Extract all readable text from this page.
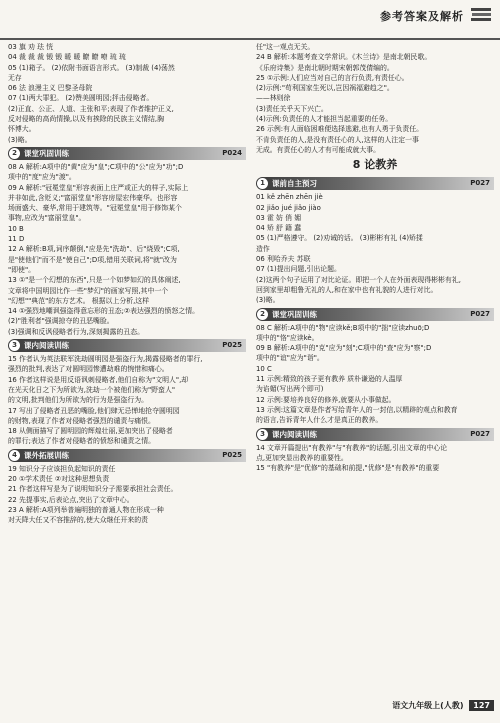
参考答案及解析
03 旗 劝 珐 恍
04 裁 裁 裁 锻 锻 暖 暖 瞭 瞭 嘹 琉 琉
05 (1)箱子。 (2)依附书面语言形式。 (3)制裁 (4)荡然
无存
06 法 浪漫主义 巴黎圣母院
07 (1)两大罪犯。 (2)赞美圆明园;抨击侵略者。
(2)正直、公正、人道、主张和平;表现了作者维护正义,
反对侵略的高尚情操,以及有挨除的民族主义情结,胸
怀博大。
(3)略。
2 课堂巩固训练	P024
08 A 解析:A项中的"黄"应为"皇";C项中的"公"应为"功";D
项中的"度"应为"渡"。
09 A 解析:"冠冕堂皇"形容表面上庄严或正大的样子,实际上
并非如此,含贬义;"富丽堂皇"形容房屋宏伟豪华。也形容
场面盛大、豪华,常用于建筑等。"冠冕堂皇"用于修饰某个
事物,应改为"富丽堂皇"。
10 B
11 D
12 A 解析:B项,词序颠倒,"应是先"洗劫"、后"烧毁";C项,
是"使他们"而不是"使自己";D项,错用关联词,将"就"改为
"即使"。
13 ①"是一个幻想的东西",只是一个如梦如幻的具体阐述,
文章将中国明园比作一些"梦幻"的画家写照,其中一个
"幻想""典范"的东方艺术。 根据以上分析,这样
14 ①强烈地嘲讽强盗得意忘形的丑态;②表达强烈的愤怒之情。
(2)"胜利者"强调掠夺的丑恶嘴脸。
(3)强调和反讽侵略者行为,深刻揭露的丑态。
3 课内阅读训练	P025
15 作者认为英法联军洗劫圆明园是强盗行为,揭露侵略者的罪行,
强烈的批判,表达了对圆明园惨遭劫难的惋惜和痛心。
16 作者这样说是用反语讽刺侵略者,他们自称为"文明人",却
在光天化日之下为所欲为,洗劫一个被他们称为"野蛮人"
的文明,批判他们为所欲为的行为是强盗行为。
17 写出了侵略者丑恶的嘴脸,他们肆无忌惮地抢夺圆明园
的财物,表现了作者对侵略者强烈的谴责与痛恨。
18 从侧面描写了圆明园的辉煌壮丽,更加突出了侵略者
的罪行;表达了作者对侵略者的愤怒和谴责之情。
4 课外拓展训练	P025
19 知识分子应该担负起知识的责任
20 ①学术责任 ②对这种思想负责
21 作者这样写是为了说明知识分子需要承担社会责任。
22 先提事实,后表论点,突出了文章中心。
23 A 解析:A项列举普遍明独的普通人物在形成一种
对天降大任又不容推辞的,使大众继任开来的责
任"这一观点无关。
24 B 解析:本题考查文学常识。《木兰诗》是南北朝民歌。
《乐府诗集》是南北朝时期宋朝郭茂倩编的。
25 ①示例:人们应当对自己的言行负责,有责任心。
(2)示例:"苟利国家生死以,岂因祸福避趋之"。
——林则徐
(3)责任关乎天下兴亡。
(4)示例:负责任的人才能担当起重要的任务。
26 示例:有人面临困难便选择逃避,也有人勇于负责任。
不肯负责任的人,是没有责任心的人,这样的人注定一事
无成。有责任心的人才有可能成就大事。
8 论教养
1 课前自主预习	P027
01 kě zhēn zhēn jiè
02 jiǎo jué jiǎo jiào
03 霍 妨 俏 媚
04 矫 舒 籍 蠢
05 (1)严格遵守。 (2)劝诫的话。 (3)彬彬有礼 (4)矫揉
造作
06 利哈乔夫 苏联
07 (1)提出问题,引出论题。
(2)这两个句子运用了对比论证。即把一个人在外面表现得彬彬有礼,
回到家里却粗鲁无礼的人,和在家中也有礼貌的人进行对比。
(3)略。
2 课堂巩固训练	P027
08 C 解析:A项中的"物"应读kě;B项中的"拙"应读zhuō;D
项中的"恪"应读kè。
09 B 解析:A项中的"克"应为"刻";C项中的"查"应为"察";D
项中的"谊"应为"诣"。
10 C
11 示例:精致的孩子更有教养 质朴谦逊的人温厚
为谄媚(写出两个即可)
12 示例:要培养良好的修养,就要从小事做起。
13 示例:这篇文章是作者写给青年人的一封信,以精辟的观点和教育
的语言,告诉青年人什么才是真正的教养。
3 课内阅读训练	P027
14 文章开篇提出"有教养"与"有教养"的话题,引出文章的中心论
点,更加突显出教养的重要性。
15 "有教养"是"优修"的基础和前提,"优修"是"有教养"的重要
语文九年级上(人教) 127
